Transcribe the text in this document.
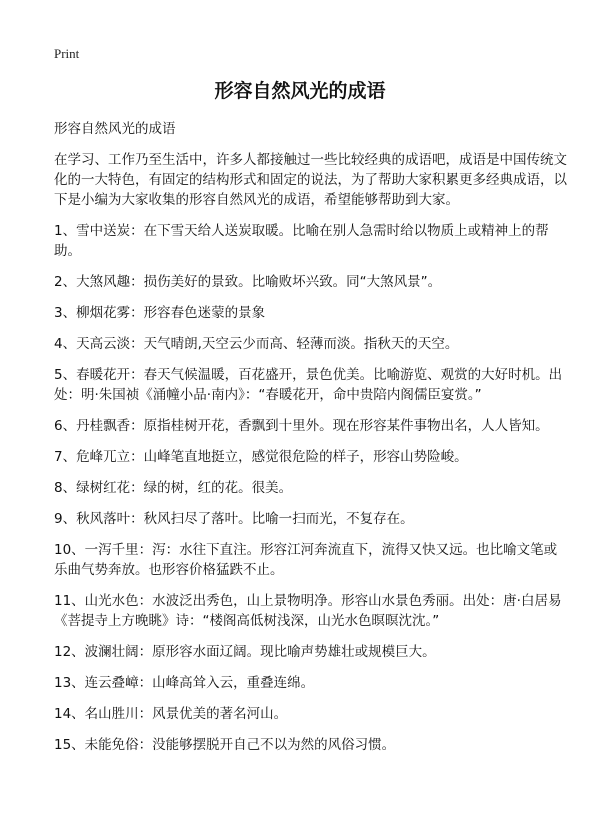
Print
形容自然风光的成语

形容自然风光的成语

在学习、工作乃至生活中，许多人都接触过一些比较经典的成语吧，成语是中国传统文化的一大特色，有固定的结构形式和固定的说法，为了帮助大家积累更多经典成语，以下是小编为大家收集的形容自然风光的成语，希望能够帮助到大家。

1、雪中送炭：在下雪天给人送炭取暖。比喻在别人急需时给以物质上或精神上的帮助。

2、大煞风趣：损伤美好的景致。比喻败坏兴致。同“大煞风景”。

3、柳烟花雾：形容春色迷蒙的景象

4、天高云淡：天气晴朗,天空云少而高、轻薄而淡。指秋天的天空。

5、春暖花开：春天气候温暖，百花盛开，景色优美。比喻游览、观赏的大好时机。出处：明·朱国祯《涌幢小品·南内》：“春暖花开，命中贵陪内阁儒臣宴赏。”

6、丹桂飘香：原指桂树开花，香飘到十里外。现在形容某件事物出名，人人皆知。

7、危峰兀立：山峰笔直地挺立，感觉很危险的样子，形容山势险峻。

8、绿树红花：绿的树，红的花。很美。

9、秋风落叶：秋风扫尽了落叶。比喻一扫而光，不复存在。

10、一泻千里：泻：水往下直注。形容江河奔流直下，流得又快又远。也比喻文笔或乐曲气势奔放。也形容价格猛跌不止。

11、山光水色：水波泛出秀色，山上景物明净。形容山水景色秀丽。出处：唐·白居易《菩提寺上方晚眺》诗：“楼阁高低树浅深，山光水色暝暝沈沈。”

12、波澜壮阔：原形容水面辽阔。现比喻声势雄壮或规模巨大。

13、连云叠嶂：山峰高耸入云，重叠连绵。

14、名山胜川：风景优美的著名河山。

15、未能免俗：没能够摆脱开自己不以为然的风俗习惯。
